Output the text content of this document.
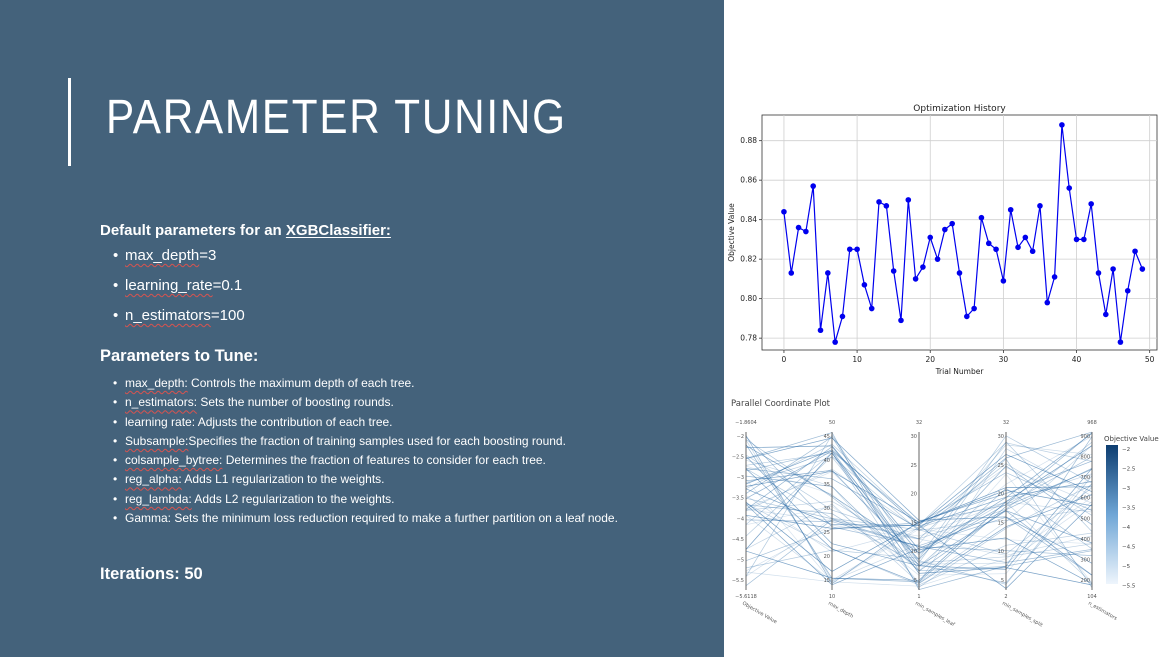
PARAMETER TUNING
Default parameters for an XGBClassifier:
• max_depth=3
• learning_rate=0.1
• n_estimators=100
Parameters to Tune:
• max_depth: Controls the maximum depth of each tree.
• n_estimators: Sets the number of boosting rounds.
• learning rate: Adjusts the contribution of each tree.
• Subsample:Specifies the fraction of training samples used for each boosting round.
• colsample_bytree: Determines the fraction of features to consider for each tree.
• reg_alpha: Adds L1 regularization to the weights.
• reg_lambda: Adds L2 regularization to the weights.
• Gamma: Sets the minimum loss reduction required to make a further partition on a leaf node.
Iterations: 50
Optimization History
0	10	20	30	40	50
0.78
0.80
0.82
0.84
0.86
0.88
Trial Number
Objective Value
Parallel Coordinate Plot
−1.8604
−5.6118
−2
−2.5
−3
−3.5
−4
−4.5
−5
−5.5
Objective Value
50
10
45
40
35
30
25
20
15
max_depth
32
1
30
25
20
15
10
5
min_samples_leaf
32
2
30
25
20
15
10
5
min_samples_split
968
104
900
800
700
600
500
400
300
200
n_estimators
Objective Value
−2
−2.5
−3
−3.5
−4
−4.5
−5
−5.5
